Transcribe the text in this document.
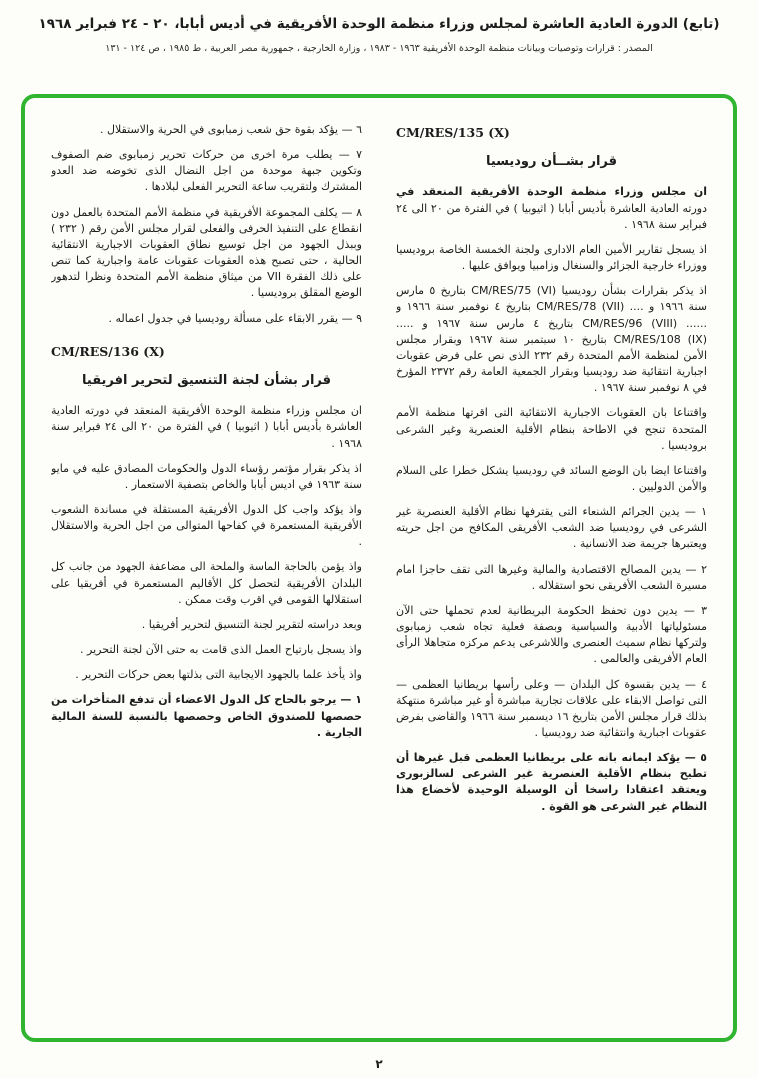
(تابع) الدورة العادية العاشرة لمجلس وزراء منظمة الوحدة الأفريقية في أديس أبابا، ٢٠ - ٢٤ فبراير ١٩٦٨
المصدر : قرارات وتوصيات وبيانات منظمة الوحدة الأفريقية ١٩٦٣ - ١٩٨٣ ، وزارة الخارجية ، جمهورية مصر العربية ، ط ١٩٨٥ ، ص ١٢٤ - ١٣١
CM/RES/135 (X)
قرار بشــأن روديسيا

ان مجلس وزراء منظمة الوحدة الأفريقية المنعقد في دورته العادية العاشرة بأديس أبابا ( اثيوبيا ) في الفترة من ٢٠ الى ٢٤ فبراير سنة ١٩٦٨ .

اذ يسجل تقارير الأمين العام الادارى ولجنة الخمسة الخاصة بروديسيا ووزراء خارجية الجزائر والسنغال وزامبيا ويوافق عليها .

اذ يذكر بقرارات بشأن روديسيا CM/RES/75 (VI) بتاريخ ٥ مارس سنة ١٩٦٦ و .... CM/RES/78 (VII) بتاريخ ٤ نوفمبر سنة ١٩٦٦ و ...... CM/RES/96 (VIII) بتاريخ ٤ مارس سنة ١٩٦٧ و ..... CM/RES/108 (IX) بتاريخ ١٠ سبتمبر سنة ١٩٦٧ وبقرار مجلس الأمن لمنظمة الأمم المتحدة رقم ٢٣٢ الذى نص على فرض عقوبات اجبارية انتقائية ضد روديسيا وبقرار الجمعية العامة رقم ٢٣٧٢ المؤرخ في ٨ نوفمبر سنة ١٩٦٧ .

واقتناعا بان العقوبات الاجبارية الانتقائية التى اقرتها منظمة الأمم المتحدة تنجح في الاطاحة بنظام الأقلية العنصرية وغير الشرعى بروديسيا .

واقتناعا ايضا بان الوضع السائد في روديسيا يشكل خطرا على السلام والأمن الدوليين .

١ — يدين الجرائم الشنعاء التى يقترفها نظام الأقلية العنصرية غير الشرعى في روديسيا ضد الشعب الأفريقى المكافح من اجل حريته ويعتبرها جريمة ضد الانسانية .

٢ — يدين المصالح الاقتصادية والمالية وغيرها التى تقف حاجزا امام مسيرة الشعب الأفريقى نحو استقلاله .

٣ — يدين دون تحفظ الحكومة البريطانية لعدم تحملها حتى الآن مسئولياتها الأدبية والسياسية وبصفة فعلية تجاه شعب زمبابوى ولتركها نظام سميث العنصرى واللاشرعى يدعم مركزه متجاهلا الرأى العام الأفريقى والعالمى .

٤ — يدين بقسوة كل البلدان — وعلى رأسها بريطانيا العظمى — التى تواصل الابقاء على علاقات تجارية مباشرة أو غير مباشرة منتهكة بذلك قرار مجلس الأمن بتاريخ ١٦ ديسمبر سنة ١٩٦٦ والقاضى بفرض عقوبات اجبارية وانتقائية ضد روديسيا .

٥ — يؤكد ايمانه بانه على بريطانيا العظمى قبل غيرها أن تطيح بنظام الأقلية العنصرية غير الشرعى لسالزبورى ويعتقد اعتقادا راسخا أن الوسيلة الوحيدة لأخضاع هذا النظام غير الشرعى هو القوة .

٦ — يؤكد بقوة حق شعب زمبابوى في الحرية والاستقلال .

٧ — يطلب مرة اخرى من حركات تحرير زمبابوى ضم الصفوف وتكوين جبهة موحدة من اجل النضال الذى تخوضه ضد العدو المشترك ولتقريب ساعة التحرير الفعلى لبلادها .

٨ — يكلف المجموعة الأفريقية في منظمة الأمم المتحدة بالعمل دون انقطاع على التنفيذ الحرفى والفعلى لقرار مجلس الأمن رقم ( ٢٣٢ ) وببذل الجهود من اجل توسيع نطاق العقوبات الاجبارية الانتقائية الحالية ، حتى تصبح هذه العقوبات عقوبات عامة واجبارية كما تنص على ذلك الفقرة VII من ميثاق منظمة الأمم المتحدة ونظرا لتدهور الوضع المقلق بروديسيا .

٩ — يقرر الابقاء على مسألة روديسيا في جدول اعماله .

CM/RES/136 (X)
قرار بشأن لجنة التنسيق لتحرير افريقيا

ان مجلس وزراء منظمة الوحدة الأفريقية المنعقد في دورته العادية العاشرة بأديس أبابا ( اثيوبيا ) في الفترة من ٢٠ الى ٢٤ فبراير سنة ١٩٦٨ .

اذ يذكر بقرار مؤتمر رؤساء الدول والحكومات المصادق عليه في مايو سنة ١٩٦٣ في اديس أبابا والخاص بتصفية الاستعمار .

واذ يؤكد واجب كل الدول الأفريقية المستقلة في مساندة الشعوب الأفريقية المستعمرة في كفاحها المتوالى من اجل الحرية والاستقلال .

واذ يؤمن بالحاجة الماسة والملحة الى مضاعفة الجهود من جانب كل البلدان الأفريقية لتحصل كل الأقاليم المستعمرة في أفريقيا على استقلالها القومى في اقرب وقت ممكن .

وبعد دراسته لتقرير لجنة التنسيق لتحرير أفريقيا .

واذ يسجل بارتياح العمل الذى قامت به حتى الآن لجنة التحرير .

واذ يأخذ علما بالجهود الايجابية التى بذلتها بعض حركات التحرير .

١ — يرجو بالحاح كل الدول الاعضاء أن تدفع المتأخرات من حصصها للصندوق الخاص وحصصها بالنسبة للسنة المالية الجارية .

٢
